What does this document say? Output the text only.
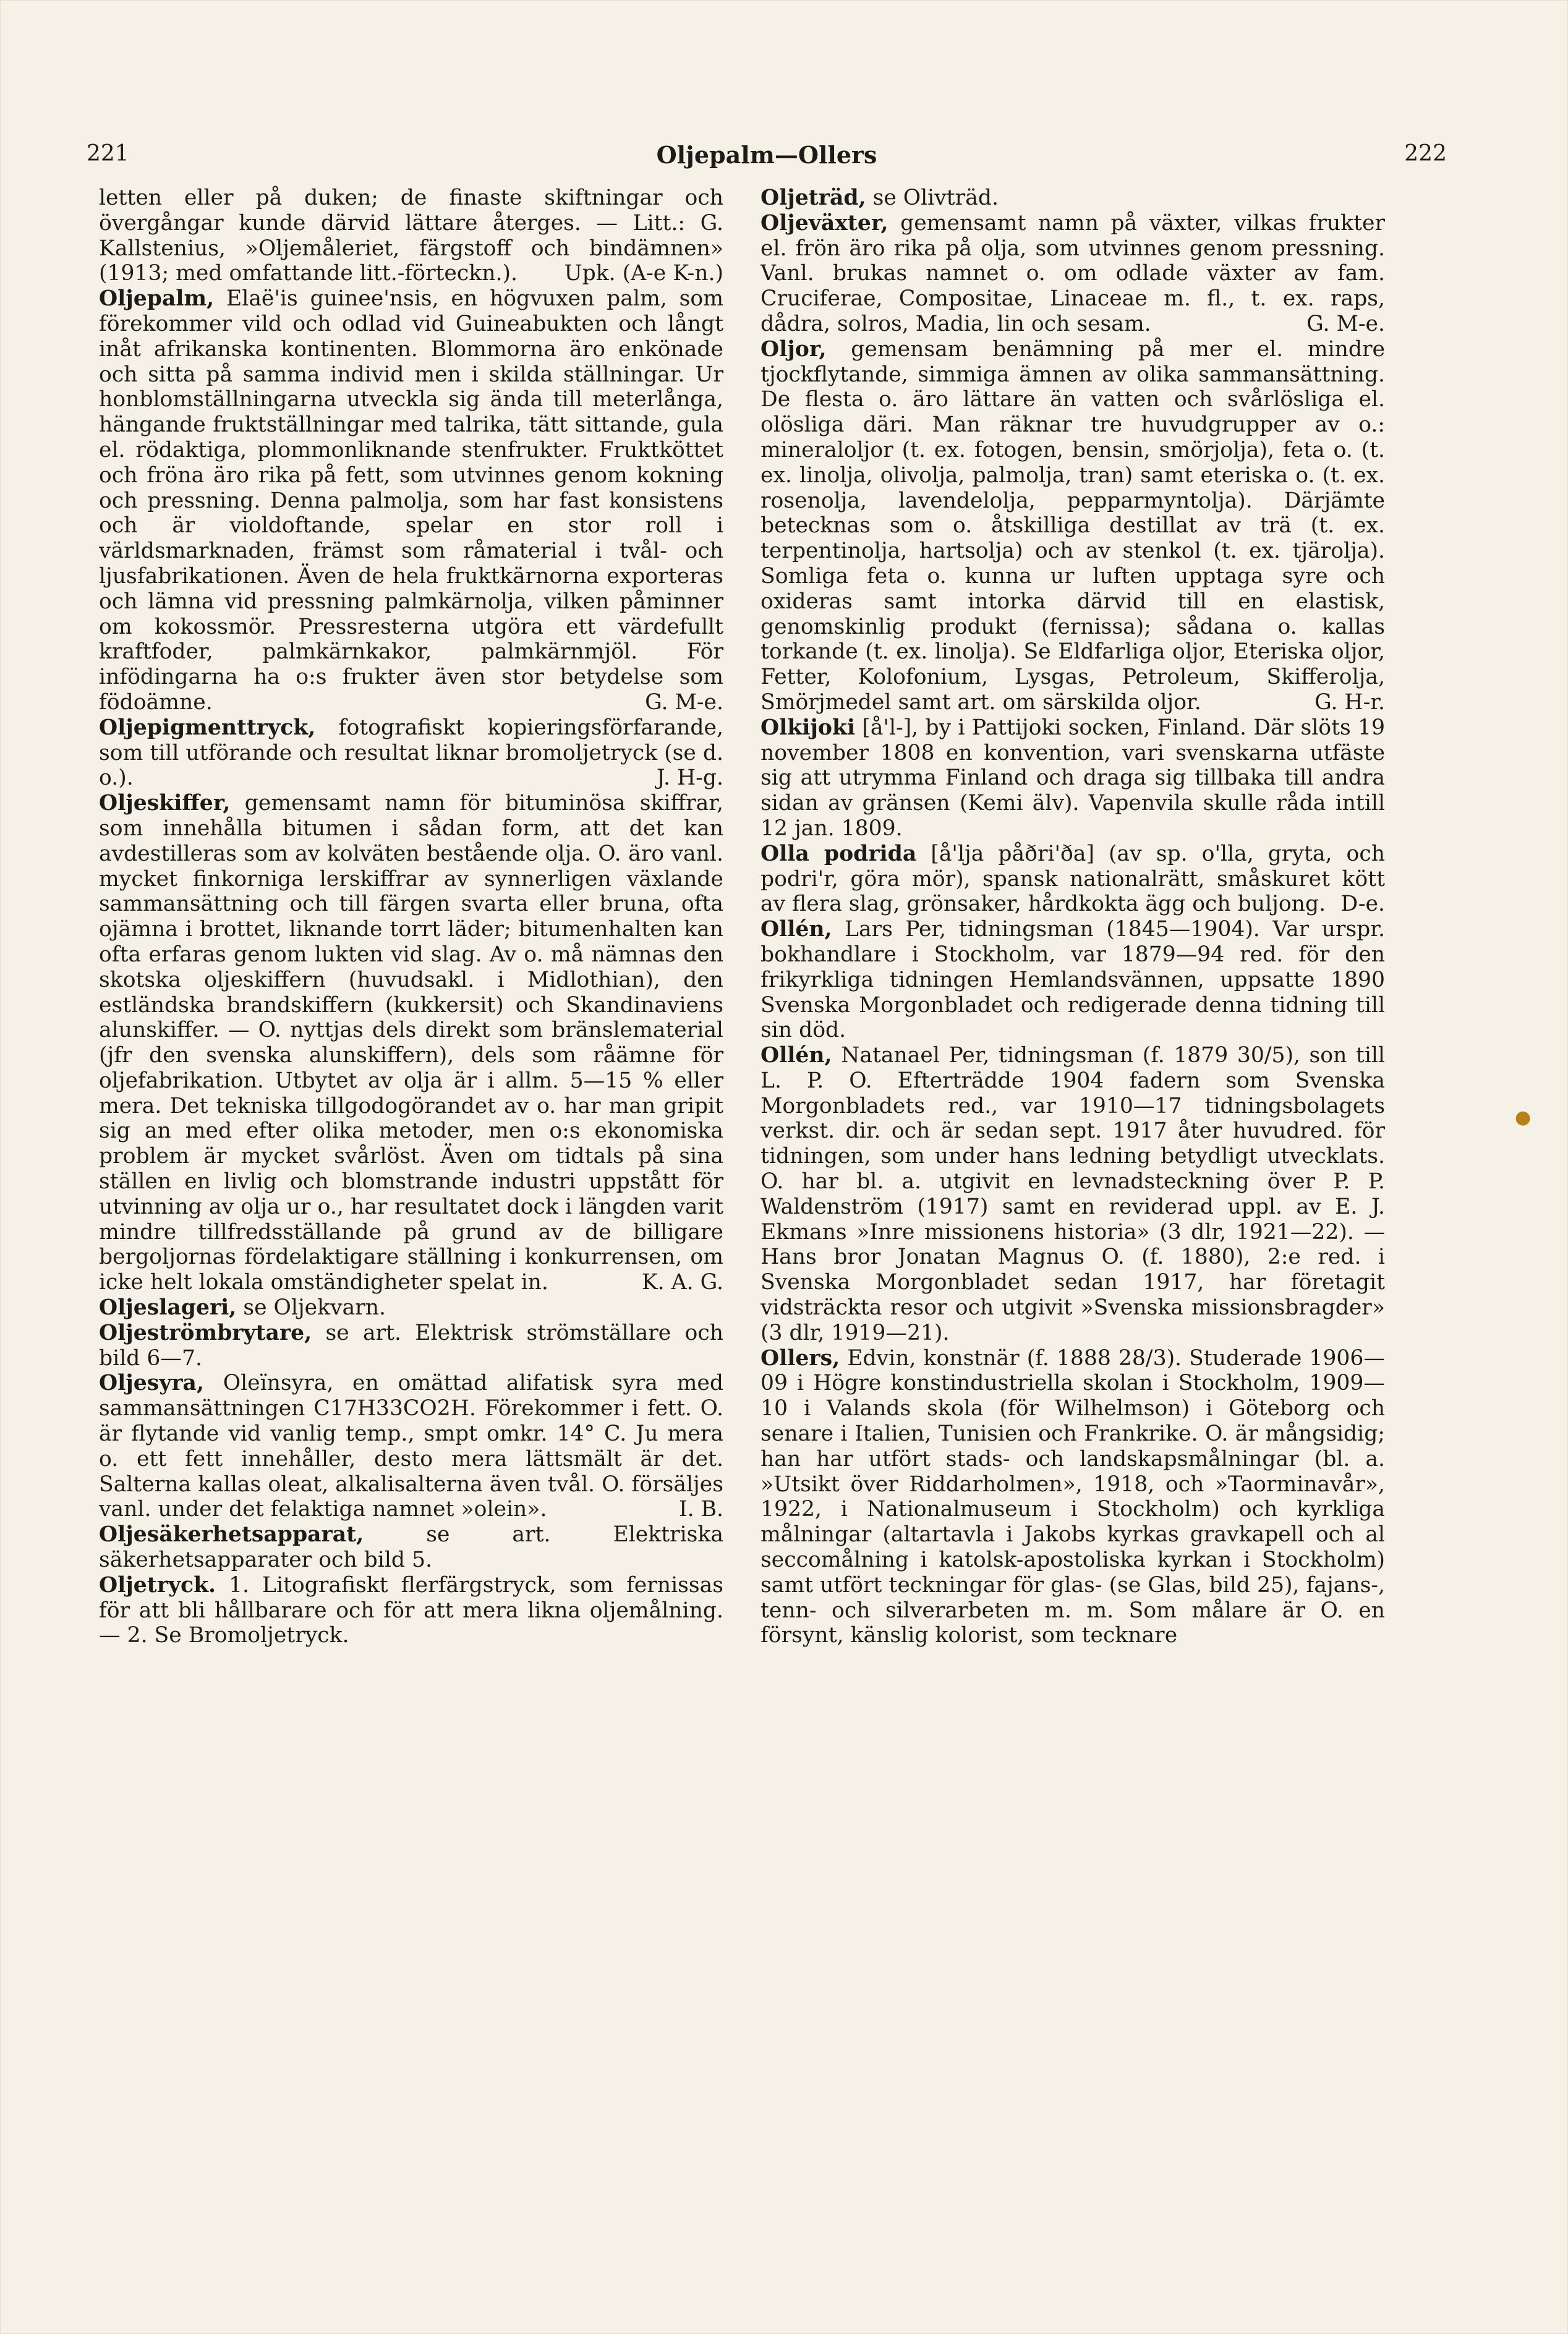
221	Oljepalm—Ollers	222

letten eller på duken; de finaste skiftningar och övergångar kunde därvid lättare återges. — Litt.: G. Kallstenius, »Oljemåleriet, färgstoff och bindämnen» (1913; med omfattande litt.-förteckn.). Upk. (A-e K-n.)

Oljepalm, Elaë'is guinee'nsis, en högvuxen palm, som förekommer vild och odlad vid Guineabukten och långt inåt afrikanska kontinenten. Blommorna äro enkönade och sitta på samma individ men i skilda ställningar. Ur honblomställningarna utveckla sig ända till meterlånga, hängande fruktställningar med talrika, tätt sittande, gula el. rödaktiga, plommonliknande stenfrukter. Fruktköttet och fröna äro rika på fett, som utvinnes genom kokning och pressning. Denna palmolja, som har fast konsistens och är violdoftande, spelar en stor roll i världsmarknaden, främst som råmaterial i tvål- och ljusfabrikationen. Även de hela fruktkärnorna exporteras och lämna vid pressning palmkärnolja, vilken påminner om kokossmör. Pressresterna utgöra ett värdefullt kraftfoder, palmkärnkakor, palmkärnmjöl. För infödingarna ha o:s frukter även stor betydelse som födoämne.	G. M-e.

Oljepigmenttryck, fotografiskt kopieringsförfarande, som till utförande och resultat liknar bromoljetryck (se d. o.).	J. H-g.

Oljeskiffer, gemensamt namn för bituminösa skiffrar, som innehålla bitumen i sådan form, att det kan avdestilleras som av kolväten bestående olja. O. äro vanl. mycket finkorniga lerskiffrar av synnerligen växlande sammansättning och till färgen svarta eller bruna, ofta ojämna i brottet, liknande torrt läder; bitumenhalten kan ofta erfaras genom lukten vid slag. Av o. må nämnas den skotska oljeskiffern (huvudsakl. i Midlothian), den estländska brandskiffern (kukkersit) och Skandinaviens alunskiffer. — O. nyttjas dels direkt som bränslematerial (jfr den svenska alunskiffern), dels som råämne för oljefabrikation. Utbytet av olja är i allm. 5—15 % eller mera. Det tekniska tillgodogörandet av o. har man gripit sig an med efter olika metoder, men o:s ekonomiska problem är mycket svårlöst. Även om tidtals på sina ställen en livlig och blomstrande industri uppstått för utvinning av olja ur o., har resultatet dock i längden varit mindre tillfredsställande på grund av de billigare bergoljornas fördelaktigare ställning i konkurrensen, om icke helt lokala omständigheter spelat in.	K. A. G.

Oljeslageri, se Oljekvarn.

Oljeströmbrytare, se art. Elektrisk strömställare och bild 6—7.

Oljesyra, Oleïnsyra, en omättad alifatisk syra med sammansättningen C17H33CO2H. Förekommer i fett. O. är flytande vid vanlig temp., smpt omkr. 14° C. Ju mera o. ett fett innehåller, desto mera lättsmält är det. Salterna kallas oleat, alkalisalterna även tvål. O. försäljes vanl. under det felaktiga namnet »olein».	I. B.

Oljesäkerhetsapparat,	se art. Elektriska säkerhetsapparater och bild 5.

Oljetryck. 1. Litografiskt flerfärgstryck, som fernissas för att bli hållbarare och för att mera likna oljemålning. — 2. Se Bromoljetryck.

Oljeträd, se Olivträd.

Oljeväxter, gemensamt namn på växter, vilkas frukter el. frön äro rika på olja, som utvinnes genom pressning. Vanl. brukas namnet o. om odlade växter av fam. Cruciferae, Compositae, Linaceae m. fl., t. ex. raps, dådra, solros, Madia, lin och sesam.	G. M-e.

Oljor, gemensam benämning på mer el. mindre tjockflytande, simmiga ämnen av olika sammansättning. De flesta o. äro lättare än vatten och svårlösliga el. olösliga däri. Man räknar tre huvudgrupper av o.: mineraloljor (t. ex. fotogen, bensin, smörjolja), feta o. (t. ex. linolja, olivolja, palmolja, tran) samt eteriska o. (t. ex. rosenolja, lavendelolja, pepparmyntolja). Därjämte betecknas som o. åtskilliga destillat av trä (t. ex. terpentinolja, hartsolja) och av stenkol (t. ex. tjärolja). Somliga feta o. kunna ur luften upptaga syre och oxideras samt intorka därvid till en elastisk, genomskinlig produkt (fernissa); sådana o. kallas torkande (t. ex. linolja). Se Eldfarliga oljor, Eteriska oljor, Fetter, Kolofonium, Lysgas, Petroleum, Skifferolja, Smörjmedel samt art. om särskilda oljor.	G. H-r.

Olkijoki [å'l-], by i Pattijoki socken, Finland. Där slöts 19 november 1808 en konvention, vari svenskarna utfäste sig att utrymma Finland och draga sig tillbaka till andra sidan av gränsen (Kemi älv). Vapenvila skulle råda intill 12 jan. 1809.

Olla podrida [å'lja påðri'ða] (av sp. o'lla, gryta, och podri'r, göra mör), spansk nationalrätt, småskuret kött av flera slag, grönsaker, hårdkokta ägg och buljong. D-e.

Ollén, Lars Per, tidningsman (1845—1904). Var urspr. bokhandlare i Stockholm, var 1879—94 red. för den frikyrkliga tidningen Hemlandsvännen, uppsatte 1890 Svenska Morgonbladet och redigerade denna tidning till sin död.

Ollén, Natanael Per, tidningsman (f. 1879 30/5), son till L. P. O. Efterträdde 1904 fadern som Svenska Morgonbladets red., var 1910—17 tidningsbolagets verkst. dir. och är sedan sept. 1917 åter huvudred. för tidningen, som under hans ledning betydligt utvecklats. O. har bl. a. utgivit en levnadsteckning över P. P. Waldenström (1917) samt en reviderad uppl. av E. J. Ekmans »Inre missionens historia» (3 dlr, 1921—22). — Hans bror Jonatan Magnus O. (f. 1880), 2:e red. i Svenska Morgonbladet sedan 1917, har företagit vidsträckta resor och utgivit »Svenska missionsbragder» (3 dlr, 1919—21).

Ollers, Edvin, konstnär (f. 1888 28/3). Studerade 1906—09 i Högre konstindustriella skolan i Stockholm, 1909—10 i Valands skola (för Wilhelmson) i Göteborg och senare i Italien, Tunisien och Frankrike. O. är mångsidig; han har utfört stads- och landskapsmålningar (bl. a. »Utsikt över Riddarholmen», 1918, och »Taorminavår», 1922, i Nationalmuseum i Stockholm) och kyrkliga målningar (altartavla i Jakobs kyrkas gravkapell och al seccomålning i katolsk-apostoliska kyrkan i Stockholm) samt utfört teckningar för glas- (se Glas, bild 25), fajans-, tenn- och silverarbeten m. m. Som målare är O. en försynt, känslig kolorist, som tecknare

●
